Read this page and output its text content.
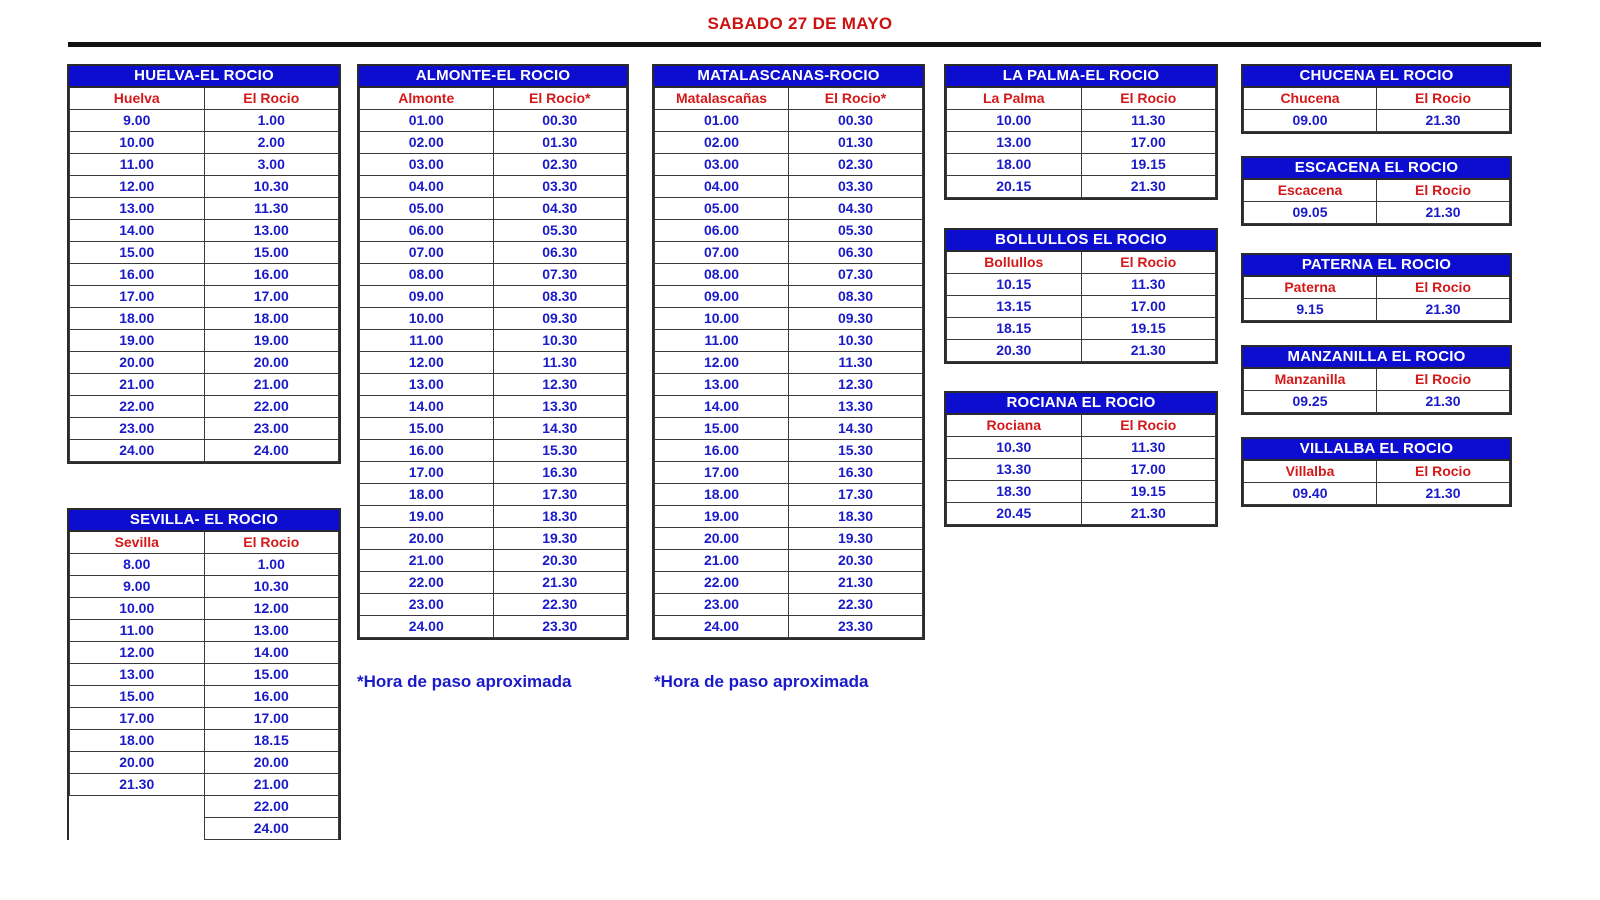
SABADO 27 DE MAYO
HUELVA-EL ROCIO
Huelva	El Rocio
9.00	1.00
10.00	2.00
11.00	3.00
12.00	10.30
13.00	11.30
14.00	13.00
15.00	15.00
16.00	16.00
17.00	17.00
18.00	18.00
19.00	19.00
20.00	20.00
21.00	21.00
22.00	22.00
23.00	23.00
24.00	24.00
SEVILLA- EL ROCIO
Sevilla	El Rocio
8.00	1.00
9.00	10.30
10.00	12.00
11.00	13.00
12.00	14.00
13.00	15.00
15.00	16.00
17.00	17.00
18.00	18.15
20.00	20.00
21.30	21.00
	22.00
	24.00
ALMONTE-EL ROCIO
Almonte	El Rocio*
01.00	00.30
02.00	01.30
03.00	02.30
04.00	03.30
05.00	04.30
06.00	05.30
07.00	06.30
08.00	07.30
09.00	08.30
10.00	09.30
11.00	10.30
12.00	11.30
13.00	12.30
14.00	13.30
15.00	14.30
16.00	15.30
17.00	16.30
18.00	17.30
19.00	18.30
20.00	19.30
21.00	20.30
22.00	21.30
23.00	22.30
24.00	23.30
*Hora de paso aproximada
MATALASCANAS-ROCIO
Matalascañas	El Rocio*
01.00	00.30
02.00	01.30
03.00	02.30
04.00	03.30
05.00	04.30
06.00	05.30
07.00	06.30
08.00	07.30
09.00	08.30
10.00	09.30
11.00	10.30
12.00	11.30
13.00	12.30
14.00	13.30
15.00	14.30
16.00	15.30
17.00	16.30
18.00	17.30
19.00	18.30
20.00	19.30
21.00	20.30
22.00	21.30
23.00	22.30
24.00	23.30
*Hora de paso aproximada
LA PALMA-EL ROCIO
La Palma	El Rocio
10.00	11.30
13.00	17.00
18.00	19.15
20.15	21.30
BOLLULLOS EL ROCIO
Bollullos	El Rocio
10.15	11.30
13.15	17.00
18.15	19.15
20.30	21.30
ROCIANA EL ROCIO
Rociana	El Rocio
10.30	11.30
13.30	17.00
18.30	19.15
20.45	21.30
CHUCENA EL ROCIO
Chucena	El Rocio
09.00	21.30
ESCACENA EL ROCIO
Escacena	El Rocio
09.05	21.30
PATERNA EL ROCIO
Paterna	El Rocio
9.15	21.30
MANZANILLA EL ROCIO
Manzanilla	El Rocio
09.25	21.30
VILLALBA EL ROCIO
Villalba	El Rocio
09.40	21.30
